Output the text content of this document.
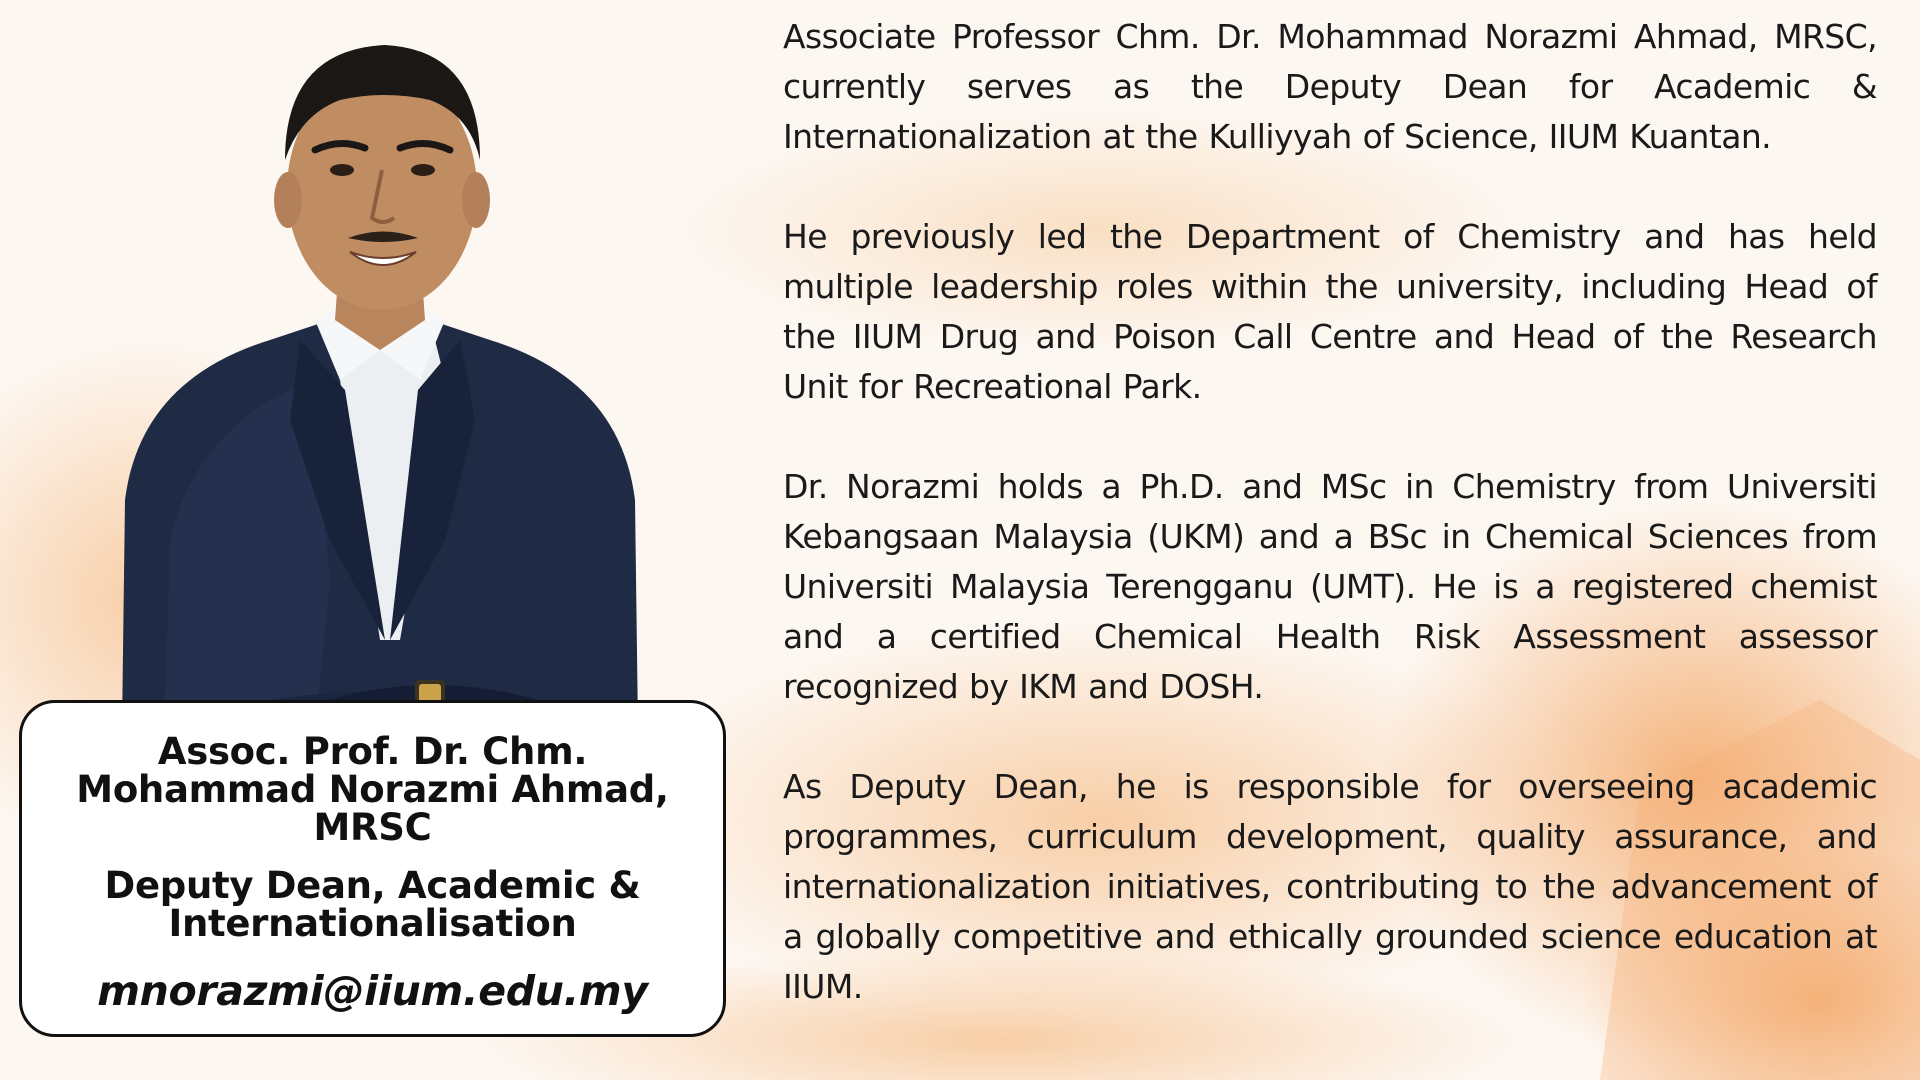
Assoc. Prof. Dr. Chm.
Mohammad Norazmi Ahmad,
MRSC
Deputy Dean, Academic &
Internationalisation
mnorazmi@iium.edu.my

Associate Professor Chm. Dr. Mohammad Norazmi Ahmad, MRSC, currently serves as the Deputy Dean for Academic & Internationalization at the Kulliyyah of Science, IIUM Kuantan.

He previously led the Department of Chemistry and has held multiple leadership roles within the university, including Head of the IIUM Drug and Poison Call Centre and Head of the Research Unit for Recreational Park.

Dr. Norazmi holds a Ph.D. and MSc in Chemistry from Universiti Kebangsaan Malaysia (UKM) and a BSc in Chemical Sciences from Universiti Malaysia Terengganu (UMT). He is a registered chemist and a certified Chemical Health Risk Assessment assessor recognized by IKM and DOSH.

As Deputy Dean, he is responsible for overseeing academic programmes, curriculum development, quality assurance, and internationalization initiatives, contributing to the advancement of a globally competitive and ethically grounded science education at IIUM.
